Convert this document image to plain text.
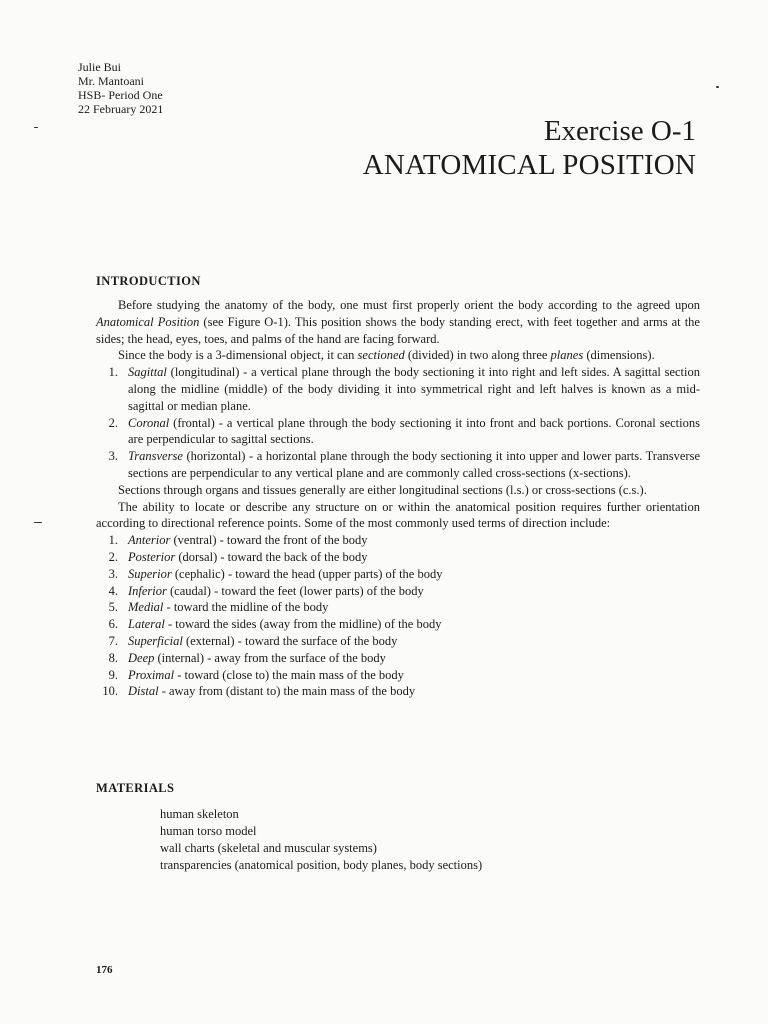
Julie Bui
Mr. Mantoani
HSB- Period One
22 February 2021
Exercise O-1
ANATOMICAL POSITION
INTRODUCTION

Before studying the anatomy of the body, one must first properly orient the body according to the agreed upon Anatomical Position (see Figure O-1). This position shows the body standing erect, with feet together and arms at the sides; the head, eyes, toes, and palms of the hand are facing forward.

Since the body is a 3-dimensional object, it can sectioned (divided) in two along three planes (dimensions).

1. Sagittal (longitudinal) - a vertical plane through the body sectioning it into right and left sides. A sagittal section along the midline (middle) of the body dividing it into symmetrical right and left halves is known as a mid-sagittal or median plane.
2. Coronal (frontal) - a vertical plane through the body sectioning it into front and back portions. Coronal sections are perpendicular to sagittal sections.
3. Transverse (horizontal) - a horizontal plane through the body sectioning it into upper and lower parts. Transverse sections are perpendicular to any vertical plane and are commonly called cross-sections (x-sections).

Sections through organs and tissues generally are either longitudinal sections (l.s.) or cross-sections (c.s.).

The ability to locate or describe any structure on or within the anatomical position requires further orientation according to directional reference points. Some of the most commonly used terms of direction include:

1. Anterior (ventral) - toward the front of the body
2. Posterior (dorsal) - toward the back of the body
3. Superior (cephalic) - toward the head (upper parts) of the body
4. Inferior (caudal) - toward the feet (lower parts) of the body
5. Medial - toward the midline of the body
6. Lateral - toward the sides (away from the midline) of the body
7. Superficial (external) - toward the surface of the body
8. Deep (internal) - away from the surface of the body
9. Proximal - toward (close to) the main mass of the body
10. Distal - away from (distant to) the main mass of the body
MATERIALS
human skeleton
human torso model
wall charts (skeletal and muscular systems)
transparencies (anatomical position, body planes, body sections)
176
